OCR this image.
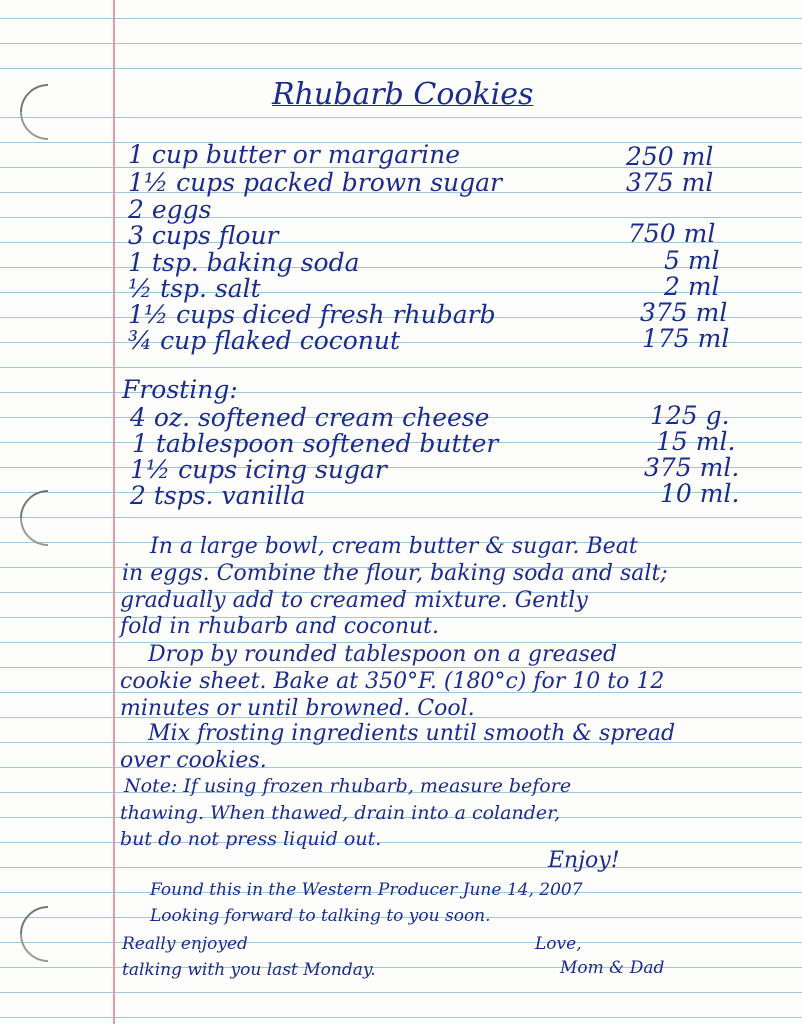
Rhubarb Cookies
1 cup butter or margarine	250 ml
1½ cups packed brown sugar	375 ml
2 eggs
3 cups flour	750 ml
1 tsp. baking soda	5 ml
½ tsp. salt	2 ml
1½ cups diced fresh rhubarb	375 ml
¾ cup flaked coconut	175 ml
Frosting:
4 oz. softened cream cheese	125 g.
1 tablespoon softened butter	15 ml.
1½ cups icing sugar	375 ml.
2 tsps. vanilla	10 ml.
In a large bowl, cream butter & sugar. Beat
in eggs. Combine the flour, baking soda and salt;
gradually add to creamed mixture. Gently
fold in rhubarb and coconut.
Drop by rounded tablespoon on a greased
cookie sheet. Bake at 350°F. (180°c) for 10 to 12
minutes or until browned. Cool.
Mix frosting ingredients until smooth & spread
over cookies.
Note: If using frozen rhubarb, measure before
thawing. When thawed, drain into a colander,
but do not press liquid out.
Enjoy!
Found this in the Western Producer June 14, 2007
Looking forward to talking to you soon.
Really enjoyed	Love,
talking with you last Monday.	Mom & Dad
